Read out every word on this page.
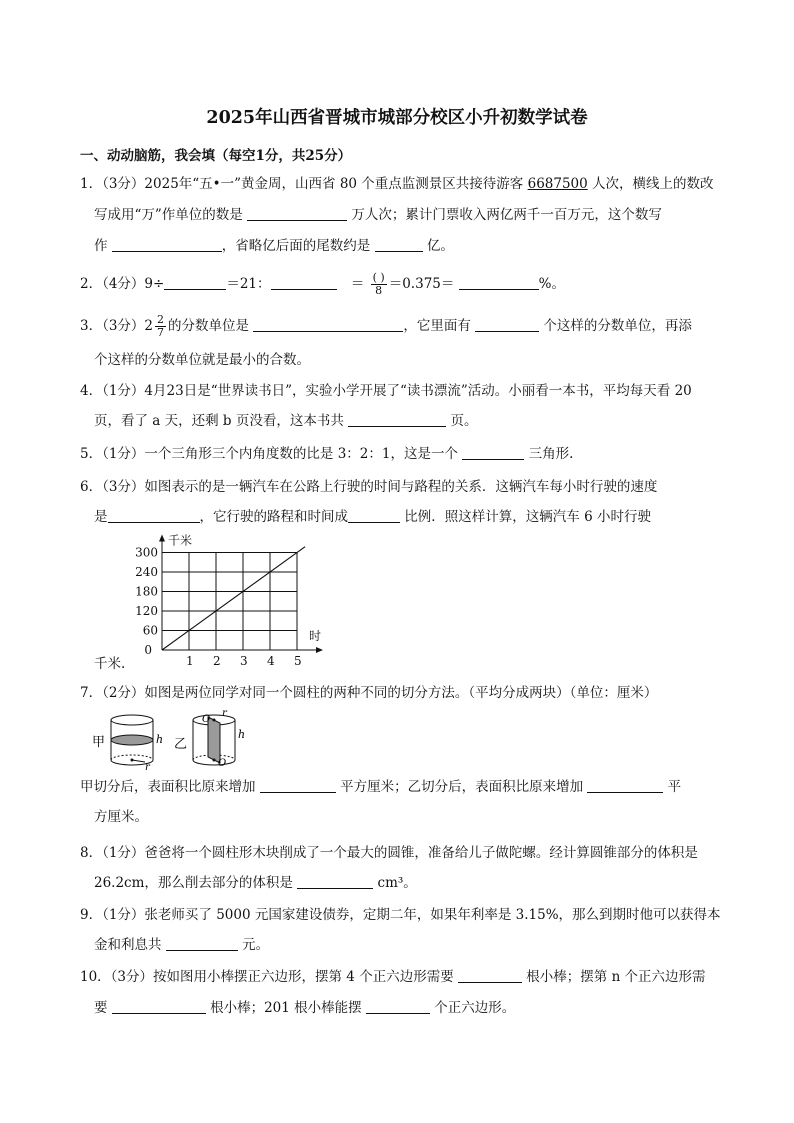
2025年山西省晋城市城部分校区小升初数学试卷
一、动动脑筋，我会填（每空1分，共25分）
1．（3分）2025年“五•一”黄金周，山西省 80 个重点监测景区共接待游客 6687500 人次，横线上的数改
写成用“万”作单位的数是	万人次；累计门票收入两亿两千一百万元，这个数写
作	，省略亿后面的尾数约是	亿。
2．（4分）9÷	＝21：	＝ $\frac{( )}{8} =0.375=$	%。
3．（3分）$2 \frac{2}{7}$ 的分数单位是	，它里面有	个这样的分数单位，再添
个这样的分数单位就是最小的合数。
4．（1分）4月23日是“世界读书日”，实验小学开展了“读书漂流”活动。小丽看一本书，平均每天看 20
页，看了 a 天，还剩 b 页没看，这本书共	页。
5．（1分）一个三角形三个内角度数的比是 3：2：1，这是一个	三角形.
6．（3分）如图表示的是一辆汽车在公路上行驶的时间与路程的关系．这辆汽车每小时行驶的速度
是	，它行驶的路程和时间成	比例．照这样计算，这辆汽车 6 小时行驶
1 2 3 4 5
60
120
180
240
300
0
千米
时
千米.
7．（2分）如图是两位同学对同一个圆柱的两种不同的切分方法。（平均分成两块）（单位：厘米）
甲
r
h 乙
O
r
O
h
甲切分后，表面积比原来增加	平方厘米；乙切分后，表面积比原来增加	平
方厘米。
8．（1分）爸爸将一个圆柱形木块削成了一个最大的圆锥，准备给儿子做陀螺。经计算圆锥部分的体积是
26.2cm，那么削去部分的体积是	cm³。
9．（1分）张老师买了 5000 元国家建设债券，定期二年，如果年利率是 3.15%，那么到期时他可以获得本
金和利息共	元。
10．（3分）按如图用小棒摆正六边形，摆第 4 个正六边形需要	根小棒；摆第 n 个正六边形需
要	根小棒；201 根小棒能摆	个正六边形。
